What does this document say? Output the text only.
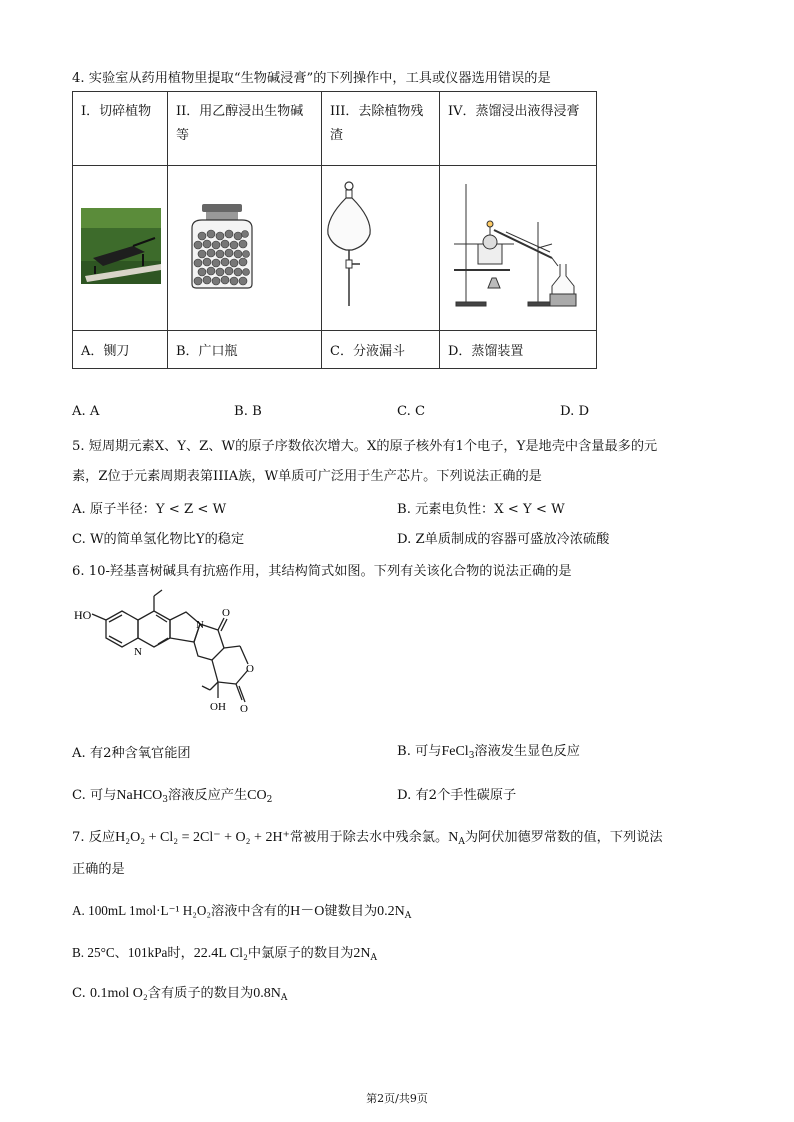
4. 实验室从药用植物里提取“生物碱浸膏”的下列操作中，工具或仪器选用错误的是
I．切碎植物	II．用乙醇浸出生物碱等	III．去除植物残渣	IV．蒸馏浸出液得浸膏

A．铡刀	B．广口瓶	C．分液漏斗	D．蒸馏装置
A. A	B. B	C. C	D. D
5. 短周期元素X、Y、Z、W的原子序数依次增大。X的原子核外有1个电子，Y是地壳中含量最多的元
素，Z位于元素周期表第IIIA族，W单质可广泛用于生产芯片。下列说法正确的是
A. 原子半径：Y < Z < W	B. 元素电负性：X < Y < W
C. W的简单氢化物比Y的稳定	D. Z单质制成的容器可盛放冷浓硫酸
6. 10-羟基喜树碱具有抗癌作用，其结构简式如图。下列有关该化合物的说法正确的是
HO
N
N
O
O
O
OH
A. 有2种含氧官能团	B. 可与FeCl$_3$溶液发生显色反应
C. 可与NaHCO$_3$溶液反应产生$CO_2$	D. 有2个手性碳原子
7. 反应H₂O₂ + Cl₂ = 2Cl⁻ + O₂ + 2H⁺常被用于除去水中残余氯。$N_A$为阿伏加德罗常数的值，下列说法
正确的是
A. 100mL 1mol·L⁻¹ H₂O₂溶液中含有的H－O键数目为$0.2N_A$
B. 25°C、101kPa时，22.4L Cl₂中氯原子的数目为$2N_A$
C. 0.1mol O₂含有质子的数目为$0.8N_A$
第2页/共9页
